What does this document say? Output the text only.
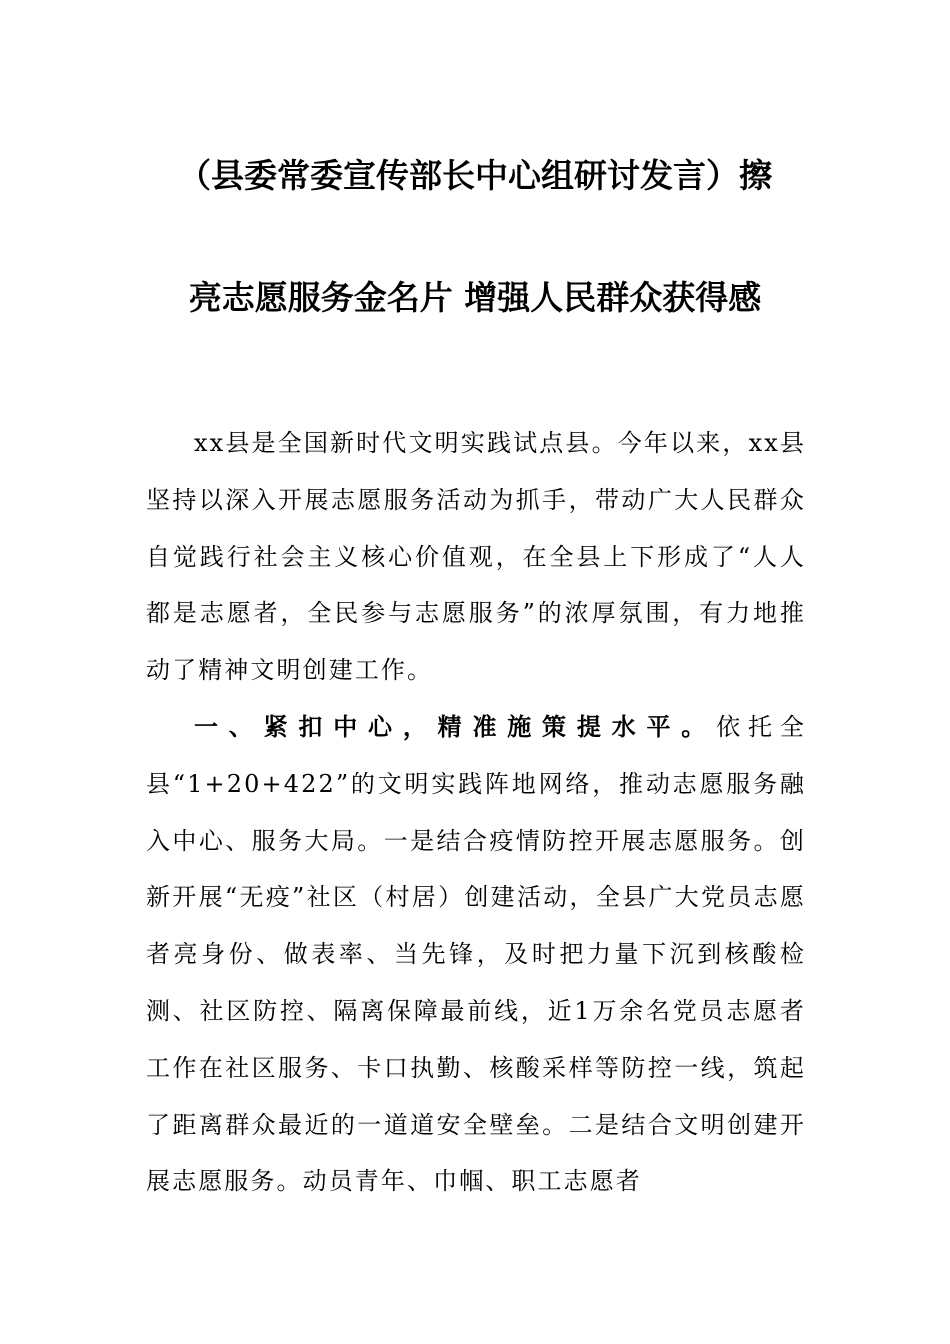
（县委常委宣传部长中心组研讨发言）擦
亮志愿服务金名片 增强人民群众获得感

xx县是全国新时代文明实践试点县。今年以来，xx县坚持以深入开展志愿服务活动为抓手，带动广大人民群众自觉践行社会主义核心价值观，在全县上下形成了“人人都是志愿者，全民参与志愿服务”的浓厚氛围，有力地推动了精神文明创建工作。

一、紧扣中心，精准施策提水平。依托全县“1+20+422”的文明实践阵地网络，推动志愿服务融入中心、服务大局。一是结合疫情防控开展志愿服务。创新开展“无疫”社区（村居）创建活动，全县广大党员志愿者亮身份、做表率、当先锋，及时把力量下沉到核酸检测、社区防控、隔离保障最前线，近1万余名党员志愿者工作在社区服务、卡口执勤、核酸采样等防控一线，筑起了距离群众最近的一道道安全壁垒。二是结合文明创建开展志愿服务。动员青年、巾帼、职工志愿者
